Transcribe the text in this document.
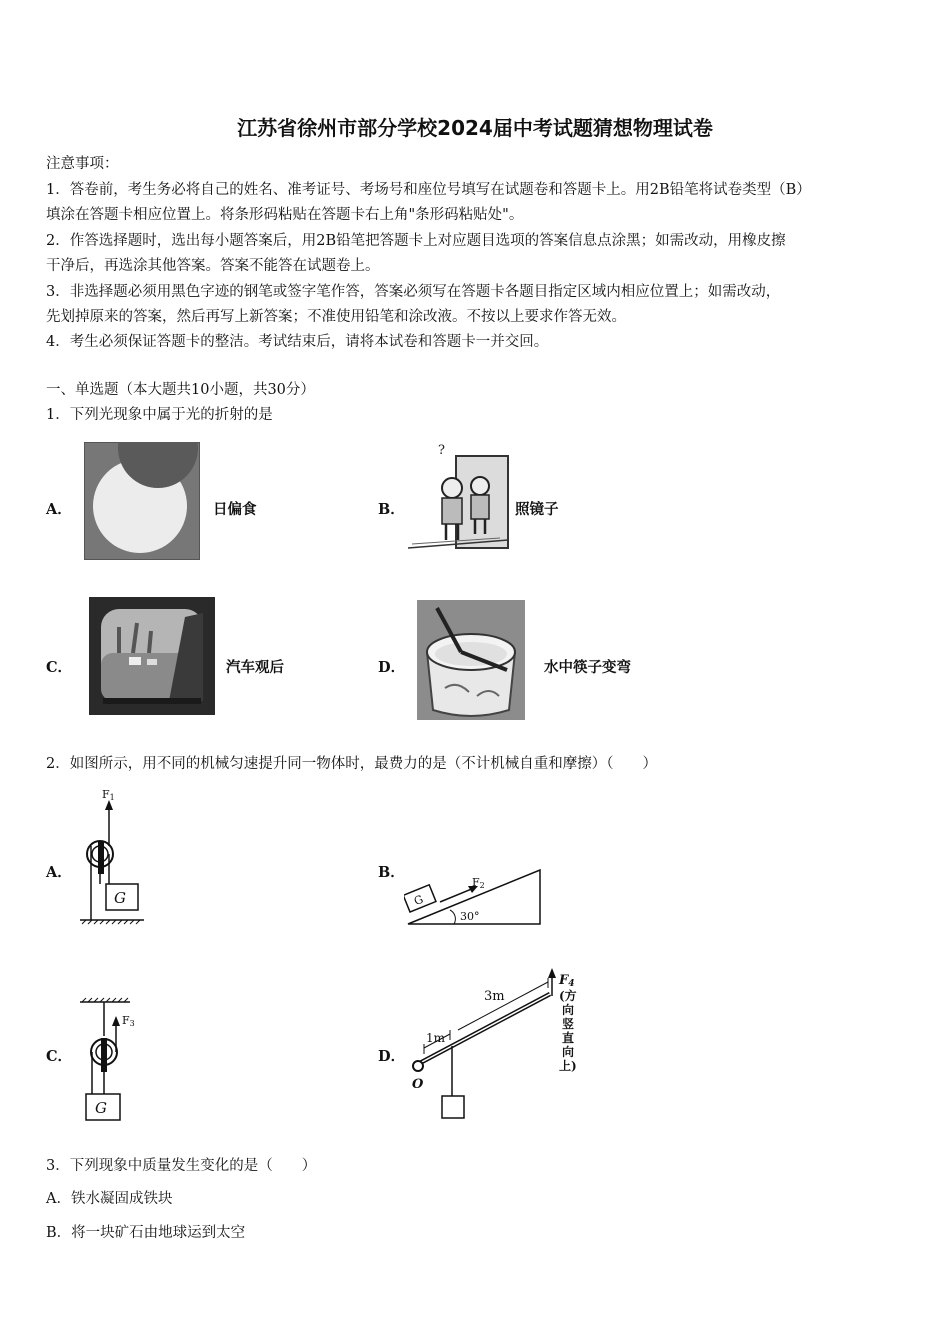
江苏省徐州市部分学校2024届中考试题猜想物理试卷
注意事项：
1．答卷前，考生务必将自己的姓名、准考证号、考场号和座位号填写在试题卷和答题卡上。用2B铅笔将试卷类型（B）
填涂在答题卡相应位置上。将条形码粘贴在答题卡右上角"条形码粘贴处"。
2．作答选择题时，选出每小题答案后，用2B铅笔把答题卡上对应题目选项的答案信息点涂黑；如需改动，用橡皮擦
干净后，再选涂其他答案。答案不能答在试题卷上。
3．非选择题必须用黑色字迹的钢笔或签字笔作答，答案必须写在答题卡各题目指定区域内相应位置上；如需改动，
先划掉原来的答案，然后再写上新答案；不准使用铅笔和涂改液。不按以上要求作答无效。
4．考生必须保证答题卡的整洁。考试结束后，请将本试卷和答题卡一并交回。
一、单选题（本大题共10小题，共30分）
1．下列光现象中属于光的折射的是
A．	日偏食	B．
?
照镜子
C．	汽车观后	D．	水中筷子变弯
2．如图所示，用不同的机械匀速提升同一物体时，最费力的是（不计机械自重和摩擦）（　　）
A．
F1
G
B．
G
F2
30°
C．
F3
G
D．
O
F4
(方
向
竖
直
向
上)
3m
1m
3．下列现象中质量发生变化的是（　　）
A．铁水凝固成铁块
B．将一块矿石由地球运到太空
